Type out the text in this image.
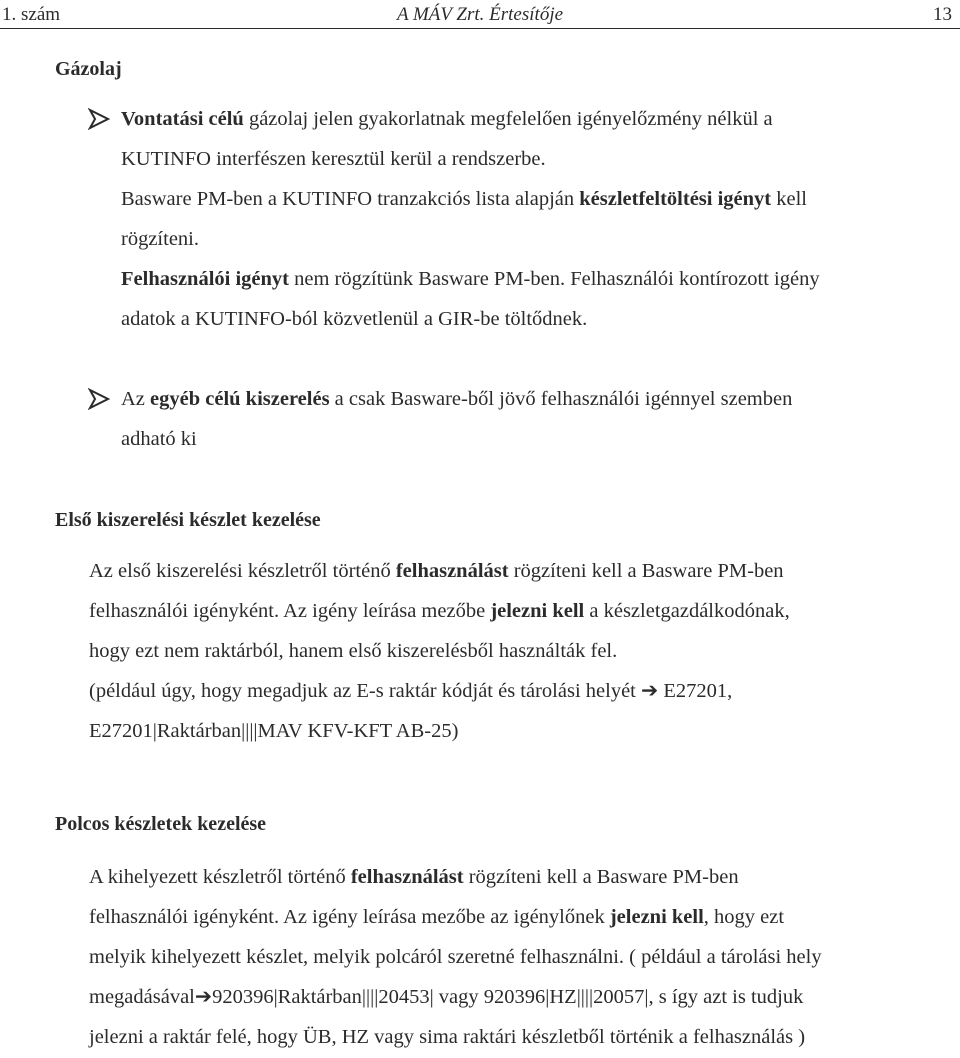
1. szám	A MÁV Zrt. Értesítője	13
Gázolaj
Vontatási célú gázolaj jelen gyakorlatnak megfelelően igényelőzmény nélkül a
KUTINFO interfészen keresztül kerül a rendszerbe.
Basware PM-ben a KUTINFO tranzakciós lista alapján készletfeltöltési igényt kell
rögzíteni.
Felhasználói igényt nem rögzítünk Basware PM-ben. Felhasználói kontírozott igény
adatok a KUTINFO-ból közvetlenül a GIR-be töltődnek.
Az egyéb célú kiszerelés a csak Basware-ből jövő felhasználói igénnyel szemben
adható ki
Első kiszerelési készlet kezelése
Az első kiszerelési készletről történő felhasználást rögzíteni kell a Basware PM-ben
felhasználói igényként. Az igény leírása mezőbe jelezni kell a készletgazdálkodónak,
hogy ezt nem raktárból, hanem első kiszerelésből használták fel.
(például úgy, hogy megadjuk az E-s raktár kódját és tárolási helyét ➔ E27201,
E27201|Raktárban||||MAV KFV-KFT AB-25)
Polcos készletek kezelése
A kihelyezett készletről történő felhasználást rögzíteni kell a Basware PM-ben
felhasználói igényként. Az igény leírása mezőbe az igénylőnek jelezni kell, hogy ezt
melyik kihelyezett készlet, melyik polcáról szeretné felhasználni. ( például a tárolási hely
megadásával➔920396|Raktárban||||20453| vagy 920396|HZ||||20057|, s így azt is tudjuk
jelezni a raktár felé, hogy ÜB, HZ vagy sima raktári készletből történik a felhasználás )
